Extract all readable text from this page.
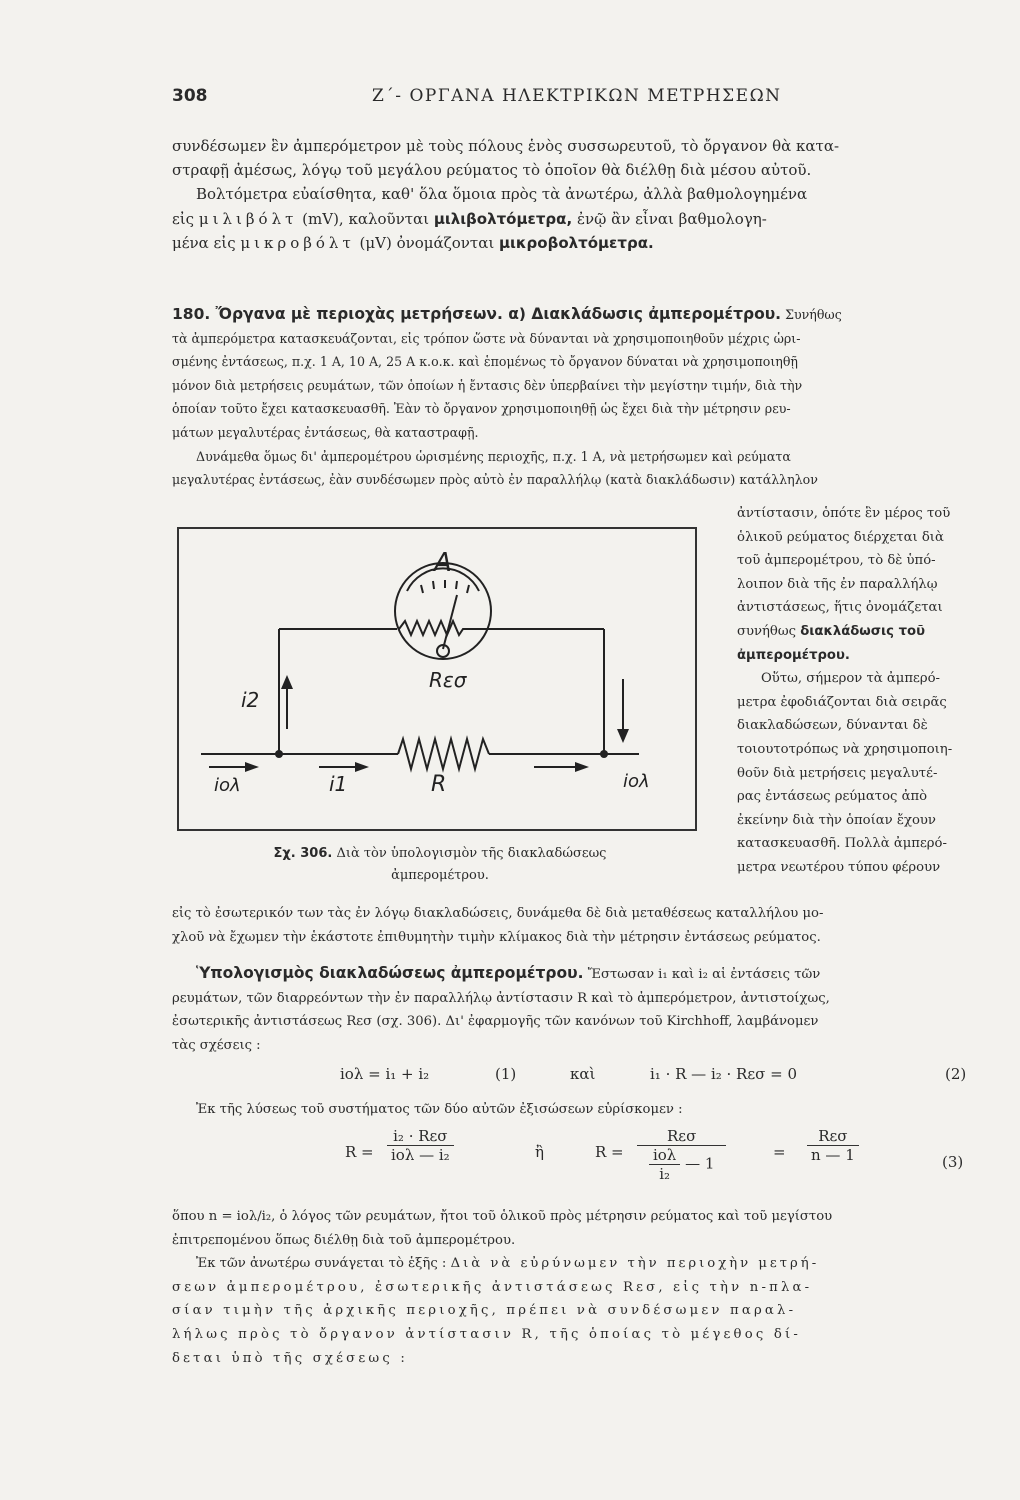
308	Ζ΄- ΟΡΓΑΝΑ ΗΛΕΚΤΡΙΚΩΝ ΜΕΤΡΗΣΕΩΝ

συνδέσωμεν ἓν ἀμπερόμετρον μὲ τοὺς πόλους ἑνὸς συσσωρευτοῦ, τὸ ὄργανον θὰ κατα-

στραφῇ ἀμέσως, λόγῳ τοῦ μεγάλου ρεύματος τὸ ὁποῖον θὰ διέλθῃ διὰ μέσου αὐτοῦ.

Βολτόμετρα εὐαίσθητα, καθ' ὅλα ὅμοια πρὸς τὰ ἀνωτέρω, ἀλλὰ βαθμολογημένα

εἰς μιλιβόλτ (mV), καλοῦνται μιλιβολτόμετρα, ἐνῷ ἂν εἶναι βαθμολογη-

μένα εἰς μικροβόλτ (μV) ὀνομάζονται μικροβολτόμετρα.

180. Ὄργανα μὲ περιοχὰς μετρήσεων. α) Διακλάδωσις ἀμπερομέτρου. Συνήθως

τὰ ἀμπερόμετρα κατασκευάζονται, εἰς τρόπον ὥστε νὰ δύνανται νὰ χρησιμοποιηθοῦν μέχρις ὡρι-

σμένης ἐντάσεως, π.χ. 1 A, 10 A, 25 A κ.ο.κ. καὶ ἑπομένως τὸ ὄργανον δύναται νὰ χρησιμοποιηθῇ

μόνον διὰ μετρήσεις ρευμάτων, τῶν ὁποίων ἡ ἔντασις δὲν ὑπερβαίνει τὴν μεγίστην τιμήν, διὰ τὴν

ὁποίαν τοῦτο ἔχει κατασκευασθῆ. Ἐὰν τὸ ὄργανον χρησιμοποιηθῇ ὡς ἔχει διὰ τὴν μέτρησιν ρευ-

μάτων μεγαλυτέρας ἐντάσεως, θὰ καταστραφῇ.

Δυνάμεθα ὅμως δι' ἀμπερομέτρου ὡρισμένης περιοχῆς, π.χ. 1 A, νὰ μετρήσωμεν καὶ ρεύματα

μεγαλυτέρας ἐντάσεως, ἐὰν συνδέσωμεν πρὸς αὐτὸ ἐν παραλλήλῳ (κατὰ διακλάδωσιν) κατάλληλον

ἀντίστασιν, ὁπότε ἓν μέρος τοῦ

ὁλικοῦ ρεύματος διέρχεται διὰ

τοῦ ἀμπερομέτρου, τὸ δὲ ὑπό-

λοιπον διὰ τῆς ἐν παραλλήλῳ

ἀντιστάσεως, ἥτις ὀνομάζεται

συνήθως διακλάδωσις τοῦ

ἀμπερομέτρου.

Οὕτω, σήμερον τὰ ἀμπερό-

μετρα ἐφοδιάζονται διὰ σειρᾶς

διακλαδώσεων, δύνανται δὲ

τοιουτοτρόπως νὰ χρησιμοποιη-

θοῦν διὰ μετρήσεις μεγαλυτέ-

ρας ἐντάσεως ρεύματος ἀπὸ

ἐκείνην διὰ τὴν ὁποίαν ἔχουν

κατασκευασθῆ. Πολλὰ ἀμπερό-

μετρα νεωτέρου τύπου φέρουν

A
Rεσ
R
i2
i1
iολ	iολ
Σχ. 306. Διὰ τὸν ὑπολογισμὸν τῆς διακλαδώσεως
ἀμπερομέτρου.

εἰς τὸ ἐσωτερικόν των τὰς ἐν λόγῳ διακλαδώσεις, δυνάμεθα δὲ διὰ μεταθέσεως καταλλήλου μο-

χλοῦ νὰ ἔχωμεν τὴν ἑκάστοτε ἐπιθυμητὴν τιμὴν κλίμακος διὰ τὴν μέτρησιν ἐντάσεως ρεύματος.

Ὑπολογισμὸς διακλαδώσεως ἀμπερομέτρου. Ἔστωσαν i₁ καὶ i₂ αἱ ἐντάσεις τῶν

ρευμάτων, τῶν διαρρεόντων τὴν ἐν παραλλήλῳ ἀντίστασιν R καὶ τὸ ἀμπερόμετρον, ἀντιστοίχως,

ἐσωτερικῆς ἀντιστάσεως Rεσ (σχ. 306). Δι' ἐφαρμογῆς τῶν κανόνων τοῦ Kirchhoff, λαμβάνομεν

τὰς σχέσεις :

iολ = i₁ + i₂	(1)	καὶ	i₁ · R — i₂ · Rεσ = 0	(2)

Ἐκ τῆς λύσεως τοῦ συστήματος τῶν δύο αὐτῶν ἐξισώσεων εὑρίσκομεν :

R =
i₂ · Rεσ
iολ — i₂	ἢ	R =
Rεσ
$\frac{\text{iολ}}{\text{i₂}}$ — 1
=
Rεσ
n — 1	(3)

ὅπου n = iολ/i₂, ὁ λόγος τῶν ρευμάτων, ἤτοι τοῦ ὁλικοῦ πρὸς μέτρησιν ρεύματος καὶ τοῦ μεγίστου

ἐπιτρεπομένου ὅπως διέλθῃ διὰ τοῦ ἀμπερομέτρου.

Ἐκ τῶν ἀνωτέρω συνάγεται τὸ ἑξῆς : Διὰ νὰ εὐρύνωμεν τὴν περιοχὴν μετρή-

σεων ἀμπερομέτρου, ἐσωτερικῆς ἀντιστάσεως Rεσ, εἰς τὴν n-πλα-

σίαν τιμὴν τῆς ἀρχικῆς περιοχῆς, πρέπει νὰ συνδέσωμεν παραλ-

λήλως πρὸς τὸ ὄργανον ἀντίστασιν R, τῆς ὁποίας τὸ μέγεθος δί-

δεται ὑπὸ τῆς σχέσεως :
